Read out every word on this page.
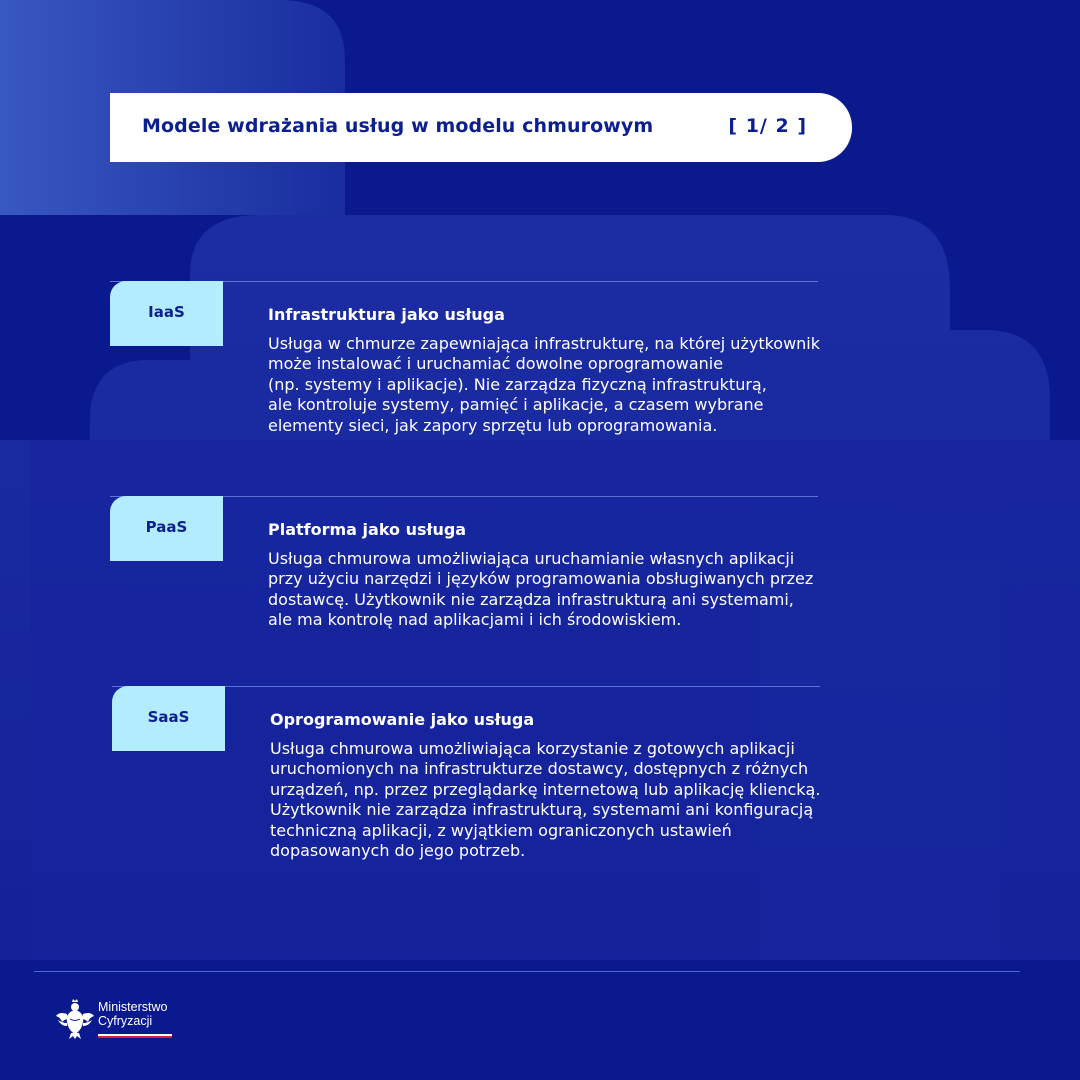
Modele wdrażania usług w modelu chmurowym	[ 1/ 2 ]
IaaS	Infrastruktura jako usługa
Usługa w chmurze zapewniająca infrastrukturę, na której użytkownik
może instalować i uruchamiać dowolne oprogramowanie
(np. systemy i aplikacje). Nie zarządza fizyczną infrastrukturą,
ale kontroluje systemy, pamięć i aplikacje, a czasem wybrane
elementy sieci, jak zapory sprzętu lub oprogramowania.
PaaS	Platforma jako usługa
Usługa chmurowa umożliwiająca uruchamianie własnych aplikacji
przy użyciu narzędzi i języków programowania obsługiwanych przez
dostawcę. Użytkownik nie zarządza infrastrukturą ani systemami,
ale ma kontrolę nad aplikacjami i ich środowiskiem.
SaaS	Oprogramowanie jako usługa
Usługa chmurowa umożliwiająca korzystanie z gotowych aplikacji
uruchomionych na infrastrukturze dostawcy, dostępnych z różnych
urządzeń, np. przez przeglądarkę internetową lub aplikację kliencką.
Użytkownik nie zarządza infrastrukturą, systemami ani konfiguracją
techniczną aplikacji, z wyjątkiem ograniczonych ustawień
dopasowanych do jego potrzeb.
Ministerstwo
Cyfryzacji
